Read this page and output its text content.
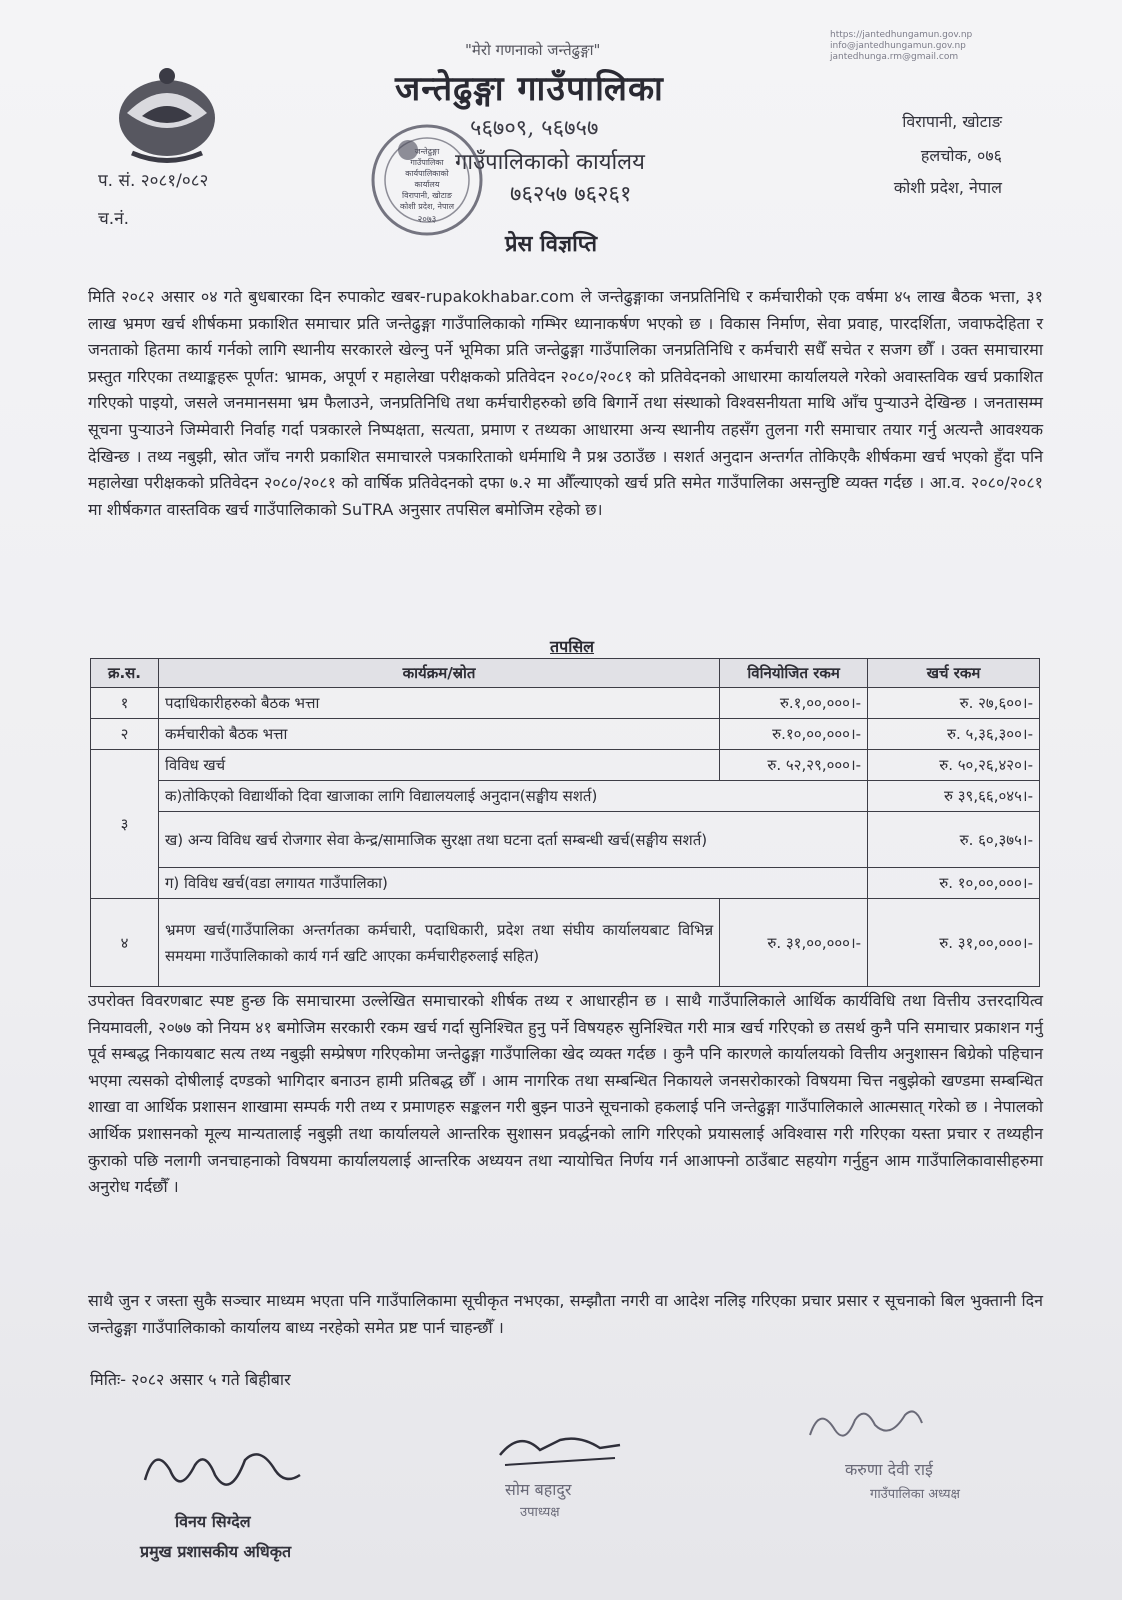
"मेरो गणनाको जन्तेढुङ्गा"
जन्तेढुङ्गा गाउँपालिका
५६७०९, ५६७५७
गाउँपालिकाको कार्यालय
७६२५७ ७६२६१
प्रेस विज्ञप्ति
जन्तेढुङ्गा
गाउँपालिका
कार्यपालिकाको
कार्यालय
विरापानी, खोटाङ
कोशी प्रदेश, नेपाल
२०७३
https://jantedhungamun.gov.np
info@jantedhungamun.gov.np
jantedhunga.rm@gmail.com
विरापानी, खोटाङ
हलचोक, ०७६
कोशी प्रदेश, नेपाल
प. सं. २०८१/०८२
च.नं.
मिति २०८२ असार ०४ गते बुधबारका दिन रुपाकोट खबर-rupakokhabar.com ले जन्तेढुङ्गाका जनप्रतिनिधि र कर्मचारीको एक वर्षमा ४५ लाख बैठक भत्ता, ३१ लाख भ्रमण खर्च शीर्षकमा प्रकाशित समाचार प्रति जन्तेढुङ्गा गाउँपालिकाको गम्भिर ध्यानाकर्षण भएको छ । विकास निर्माण, सेवा प्रवाह, पारदर्शिता, जवाफदेहिता र जनताको हितमा कार्य गर्नको लागि स्थानीय सरकारले खेल्नु पर्ने भूमिका प्रति जन्तेढुङ्गा गाउँपालिका जनप्रतिनिधि र कर्मचारी सधैँ सचेत र सजग छौँ । उक्त समाचारमा प्रस्तुत गरिएका तथ्याङ्कहरू पूर्णत: भ्रामक, अपूर्ण र महालेखा परीक्षकको प्रतिवेदन २०८०/२०८१ को प्रतिवेदनको आधारमा कार्यालयले गरेको अवास्तविक खर्च प्रकाशित गरिएको पाइयो, जसले जनमानसमा भ्रम फैलाउने, जनप्रतिनिधि तथा कर्मचारीहरुको छवि बिगार्ने तथा संस्थाको विश्वसनीयता माथि आँच पुर्‍याउने देखिन्छ । जनतासम्म सूचना पुर्‍याउने जिम्मेवारी निर्वाह गर्दा पत्रकारले निष्पक्षता, सत्यता, प्रमाण र तथ्यका आधारमा अन्य स्थानीय तहसँग तुलना गरी समाचार तयार गर्नु अत्यन्तै आवश्यक देखिन्छ । तथ्य नबुझी, स्रोत जाँच नगरी प्रकाशित समाचारले पत्रकारिताको धर्ममाथि नै प्रश्न उठाउँछ । सशर्त अनुदान अन्तर्गत तोकिएकै शीर्षकमा खर्च भएको हुँदा पनि महालेखा परीक्षकको प्रतिवेदन २०८०/२०८१ को वार्षिक प्रतिवेदनको दफा ७.२ मा औँल्याएको खर्च प्रति समेत गाउँपालिका असन्तुष्टि व्यक्त गर्दछ । आ.व. २०८०/२०८१ मा शीर्षकगत वास्तविक खर्च गाउँपालिकाको SuTRA अनुसार तपसिल बमोजिम रहेको छ।
तपसिल
क्र.स.	कार्यक्रम/स्रोत	विनियोजित रकम	खर्च रकम
१	पदाधिकारीहरुको बैठक भत्ता	रु.१,००,०००।-	रु. २७,६००।-
२	कर्मचारीको बैठक भत्ता	रु.१०,००,०००।-	रु. ५,३६,३००।-
३	विविध खर्च	रु. ५२,२९,०००।-	रु. ५०,२६,४२०।-
	क)तोकिएको विद्यार्थीको दिवा खाजाका लागि विद्यालयलाई अनुदान(सङ्घीय सशर्त)		रु ३९,६६,०४५।-
	ख) अन्य विविध खर्च रोजगार सेवा केन्द्र/सामाजिक सुरक्षा तथा घटना दर्ता सम्बन्धी खर्च(सङ्घीय सशर्त)		रु. ६०,३७५।-
	ग) विविध खर्च(वडा लगायत गाउँपालिका)		रु. १०,००,०००।-
४	भ्रमण खर्च(गाउँपालिका अन्तर्गतका कर्मचारी, पदाधिकारी, प्रदेश तथा संघीय कार्यालयबाट विभिन्न समयमा गाउँपालिकाको कार्य गर्न खटि आएका कर्मचारीहरुलाई सहित)	रु. ३१,००,०००।-	रु. ३१,००,०००।-
उपरोक्त विवरणबाट स्पष्ट हुन्छ कि समाचारमा उल्लेखित समाचारको शीर्षक तथ्य र आधारहीन छ । साथै गाउँपालिकाले आर्थिक कार्यविधि तथा वित्तीय उत्तरदायित्व नियमावली, २०७७ को नियम ४१ बमोजिम सरकारी रकम खर्च गर्दा सुनिश्चित हुनु पर्ने विषयहरु सुनिश्चित गरी मात्र खर्च गरिएको छ तसर्थ कुनै पनि समाचार प्रकाशन गर्नु पूर्व सम्बद्ध निकायबाट सत्य तथ्य नबुझी सम्प्रेषण गरिएकोमा जन्तेढुङ्गा गाउँपालिका खेद व्यक्त गर्दछ । कुनै पनि कारणले कार्यालयको वित्तीय अनुशासन बिग्रेको पहिचान भएमा त्यसको दोषीलाई दण्डको भागिदार बनाउन हामी प्रतिबद्ध छौँ । आम नागरिक तथा सम्बन्धित निकायले जनसरोकारको विषयमा चित्त नबुझेको खण्डमा सम्बन्धित शाखा वा आर्थिक प्रशासन शाखामा सम्पर्क गरी तथ्य र प्रमाणहरु सङ्कलन गरी बुझ्न पाउने सूचनाको हकलाई पनि जन्तेढुङ्गा गाउँपालिकाले आत्मसात् गरेको छ । नेपालको आर्थिक प्रशासनको मूल्य मान्यतालाई नबुझी तथा कार्यालयले आन्तरिक सुशासन प्रवर्द्धनको लागि गरिएको प्रयासलाई अविश्वास गरी गरिएका यस्ता प्रचार र तथ्यहीन कुराको पछि नलागी जनचाहनाको विषयमा कार्यालयलाई आन्तरिक अध्ययन तथा न्यायोचित निर्णय गर्न आआफ्नो ठाउँबाट सहयोग गर्नुहुन आम गाउँपालिकावासीहरुमा अनुरोध गर्दछौँ ।
साथै जुन र जस्ता सुकै सञ्चार माध्यम भएता पनि गाउँपालिकामा सूचीकृत नभएका, सम्झौता नगरी वा आदेश नलिइ गरिएका प्रचार प्रसार र सूचनाको बिल भुक्तानी दिन जन्तेढुङ्गा गाउँपालिकाको कार्यालय बाध्य नरहेको समेत प्रष्ट पार्न चाहन्छौँ ।
मितिः- २०८२ असार ५ गते बिहीबार
विनय सिग्देल
प्रमुख प्रशासकीय अधिकृत
सोम बहादुर
उपाध्यक्ष
करुणा देवी राई
गाउँपालिका अध्यक्ष
